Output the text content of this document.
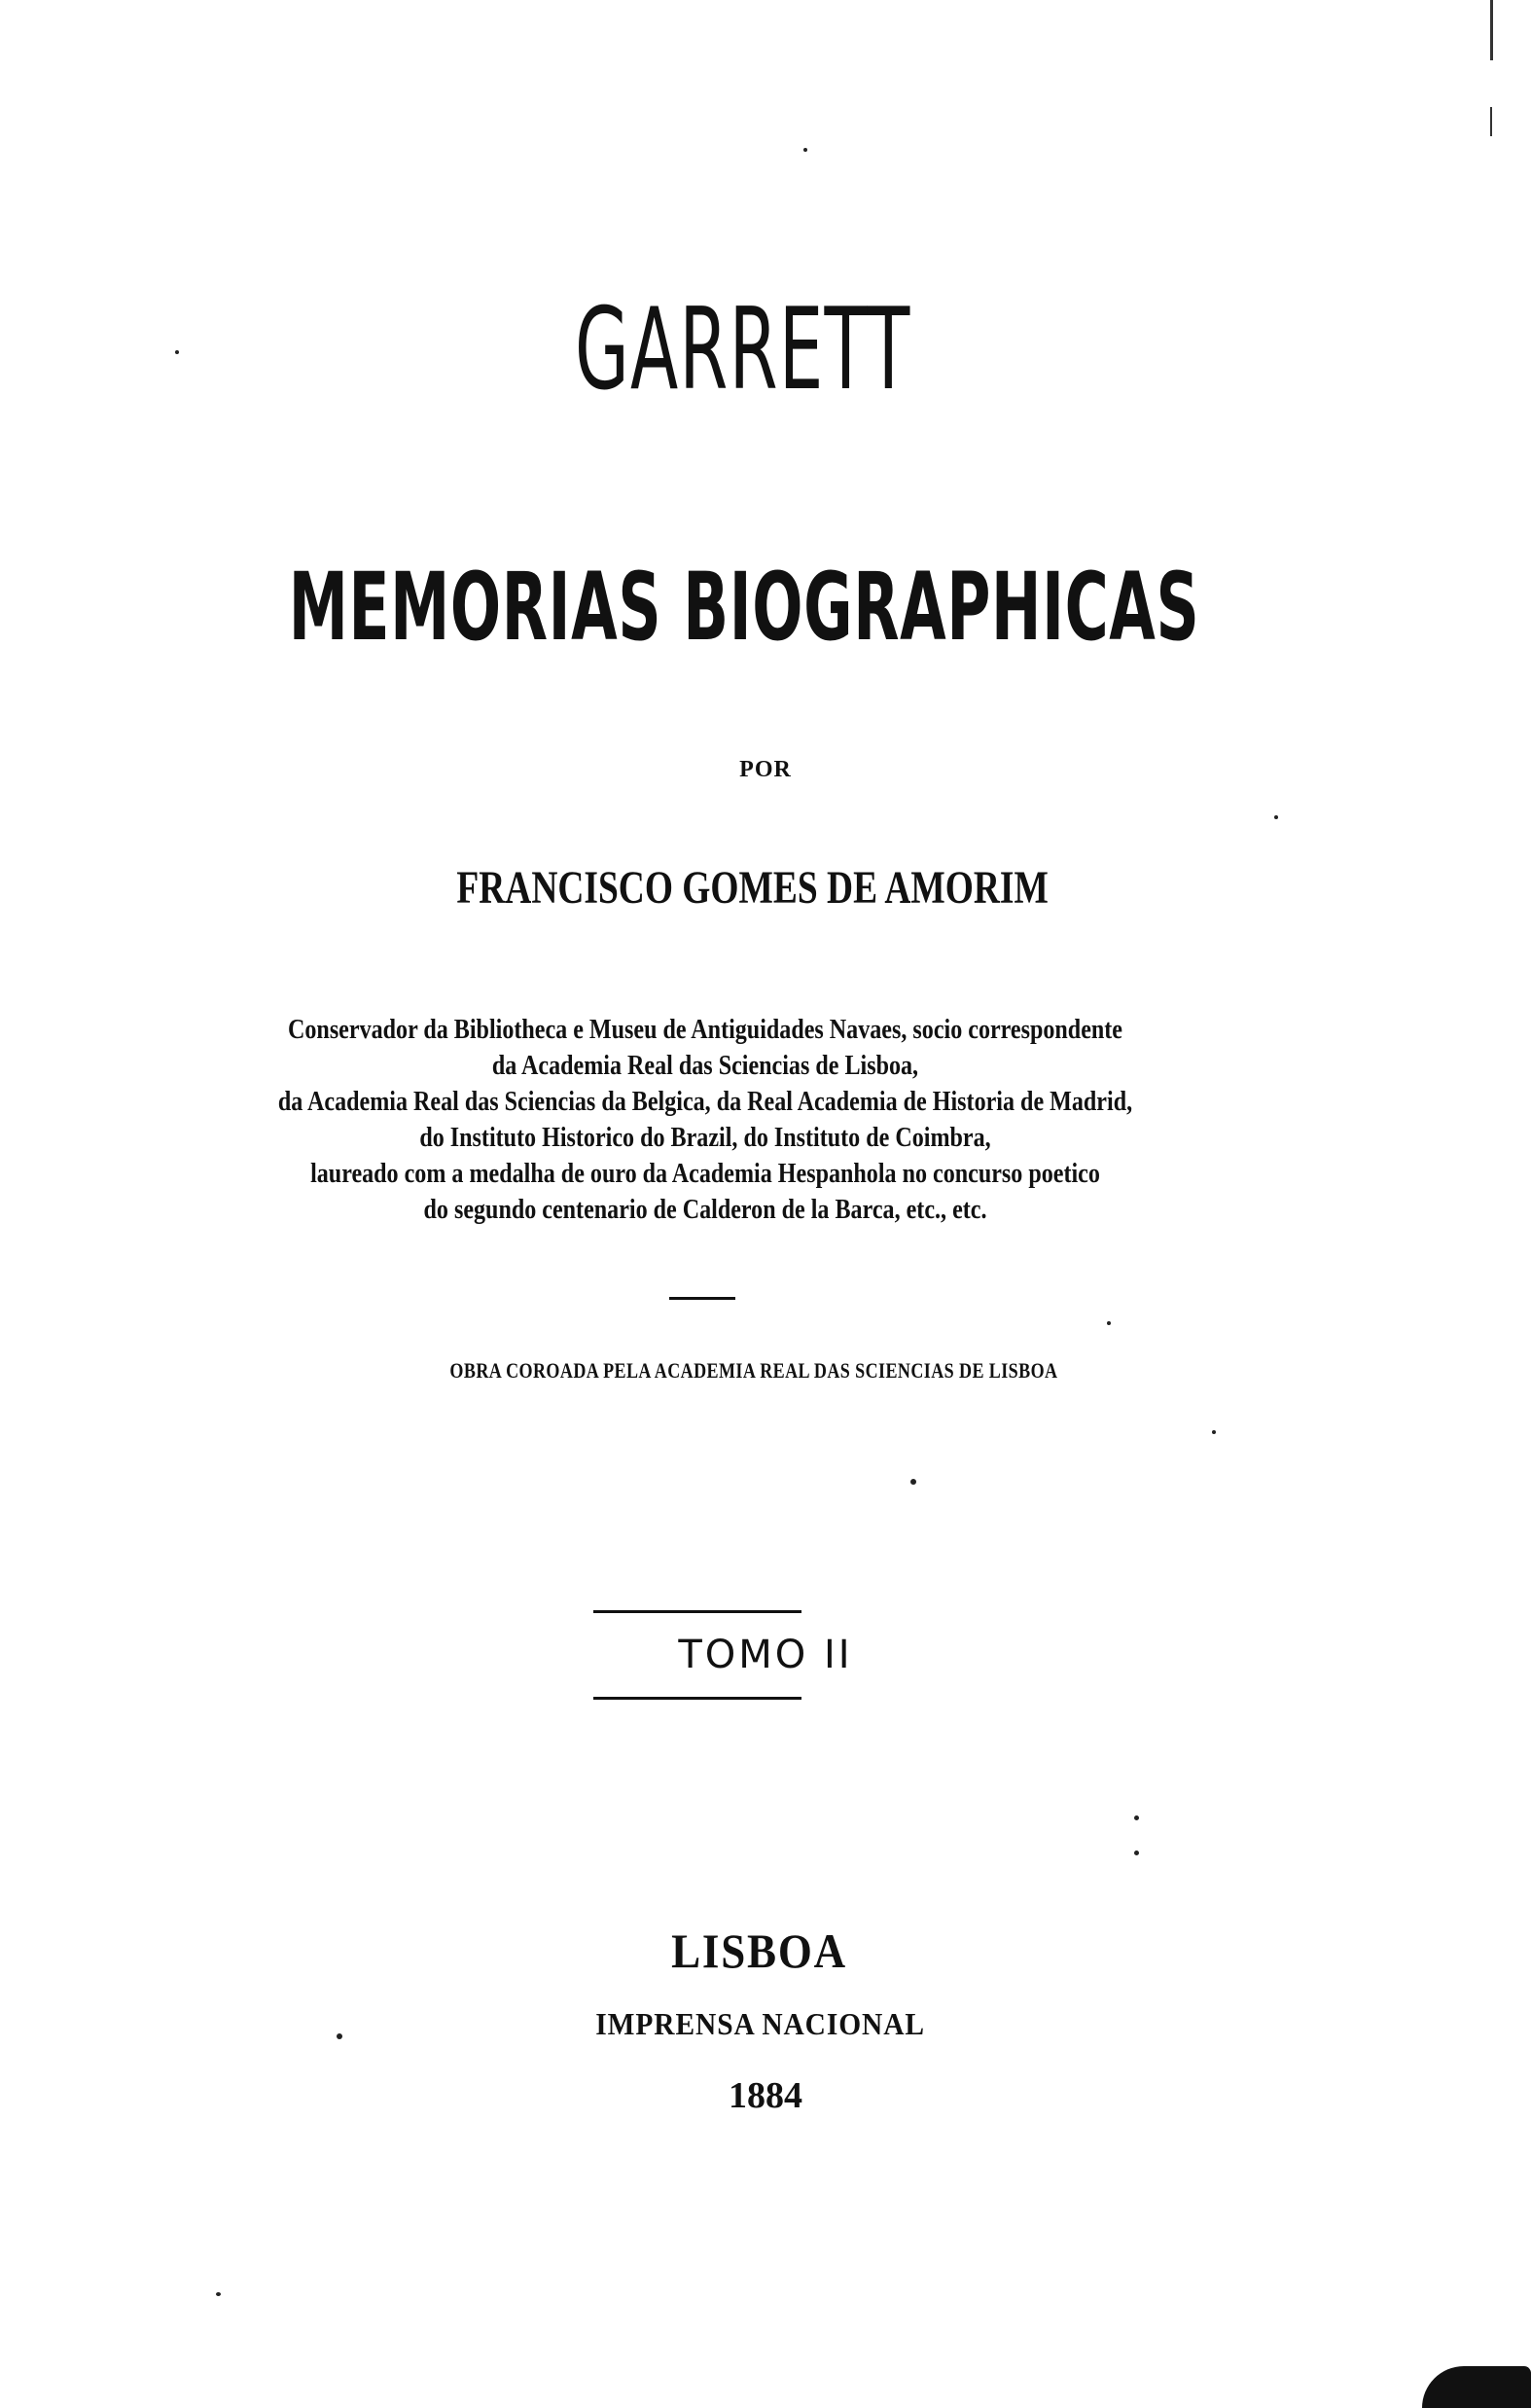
GARRETT
MEMORIAS BIOGRAPHICAS

POR

FRANCISCO GOMES DE AMORIM

Conservador da Bibliotheca e Museu de Antiguidades Navaes, socio correspondente
da Academia Real das Sciencias de Lisboa,
da Academia Real das Sciencias da Belgica, da Real Academia de Historia de Madrid,
do Instituto Historico do Brazil, do Instituto de Coimbra,
laureado com a medalha de ouro da Academia Hespanhola no concurso poetico
do segundo centenario de Calderon de la Barca, etc., etc.

OBRA COROADA PELA ACADEMIA REAL DAS SCIENCIAS DE LISBOA

TOMO II

LISBOA

IMPRENSA NACIONAL

1884
